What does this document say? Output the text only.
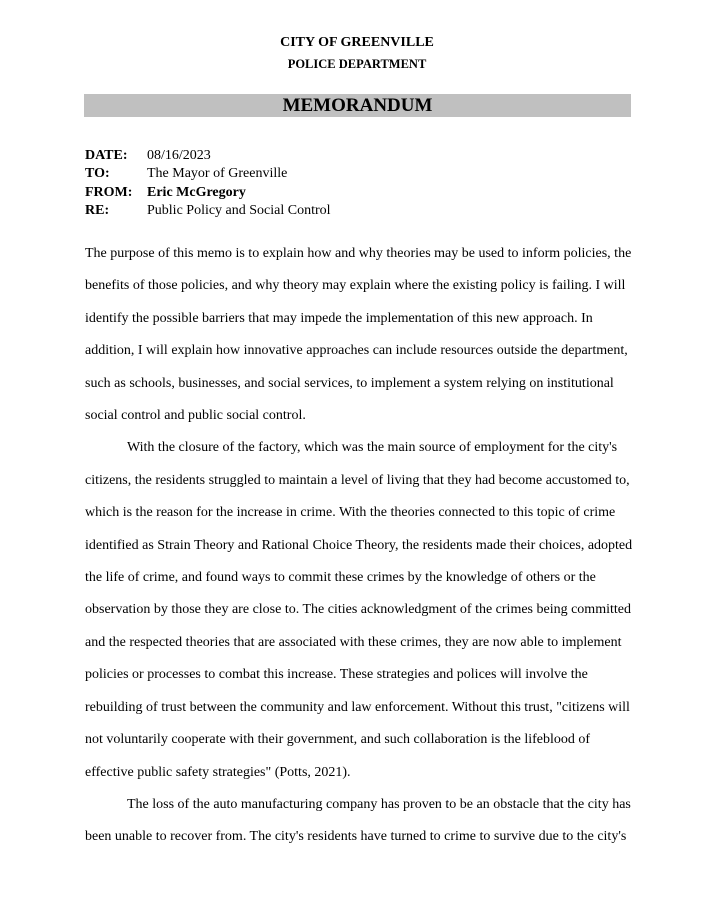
CITY OF GREENVILLE
POLICE DEPARTMENT
MEMORANDUM
DATE:	08/16/2023
TO:	The Mayor of Greenville
FROM:	Eric McGregory
RE:	Public Policy and Social Control

The purpose of this memo is to explain how and why theories may be used to inform policies, the benefits of those policies, and why theory may explain where the existing policy is failing. I will identify the possible barriers that may impede the implementation of this new approach. In addition, I will explain how innovative approaches can include resources outside the department, such as schools, businesses, and social services, to implement a system relying on institutional social control and public social control.

With the closure of the factory, which was the main source of employment for the city's citizens, the residents struggled to maintain a level of living that they had become accustomed to, which is the reason for the increase in crime. With the theories connected to this topic of crime identified as Strain Theory and Rational Choice Theory, the residents made their choices, adopted the life of crime, and found ways to commit these crimes by the knowledge of others or the observation by those they are close to. The cities acknowledgment of the crimes being committed and the respected theories that are associated with these crimes, they are now able to implement policies or processes to combat this increase. These strategies and polices will involve the rebuilding of trust between the community and law enforcement. Without this trust, "citizens will not voluntarily cooperate with their government, and such collaboration is the lifeblood of effective public safety strategies" (Potts, 2021).

The loss of the auto manufacturing company has proven to be an obstacle that the city has been unable to recover from. The city's residents have turned to crime to survive due to the city's
